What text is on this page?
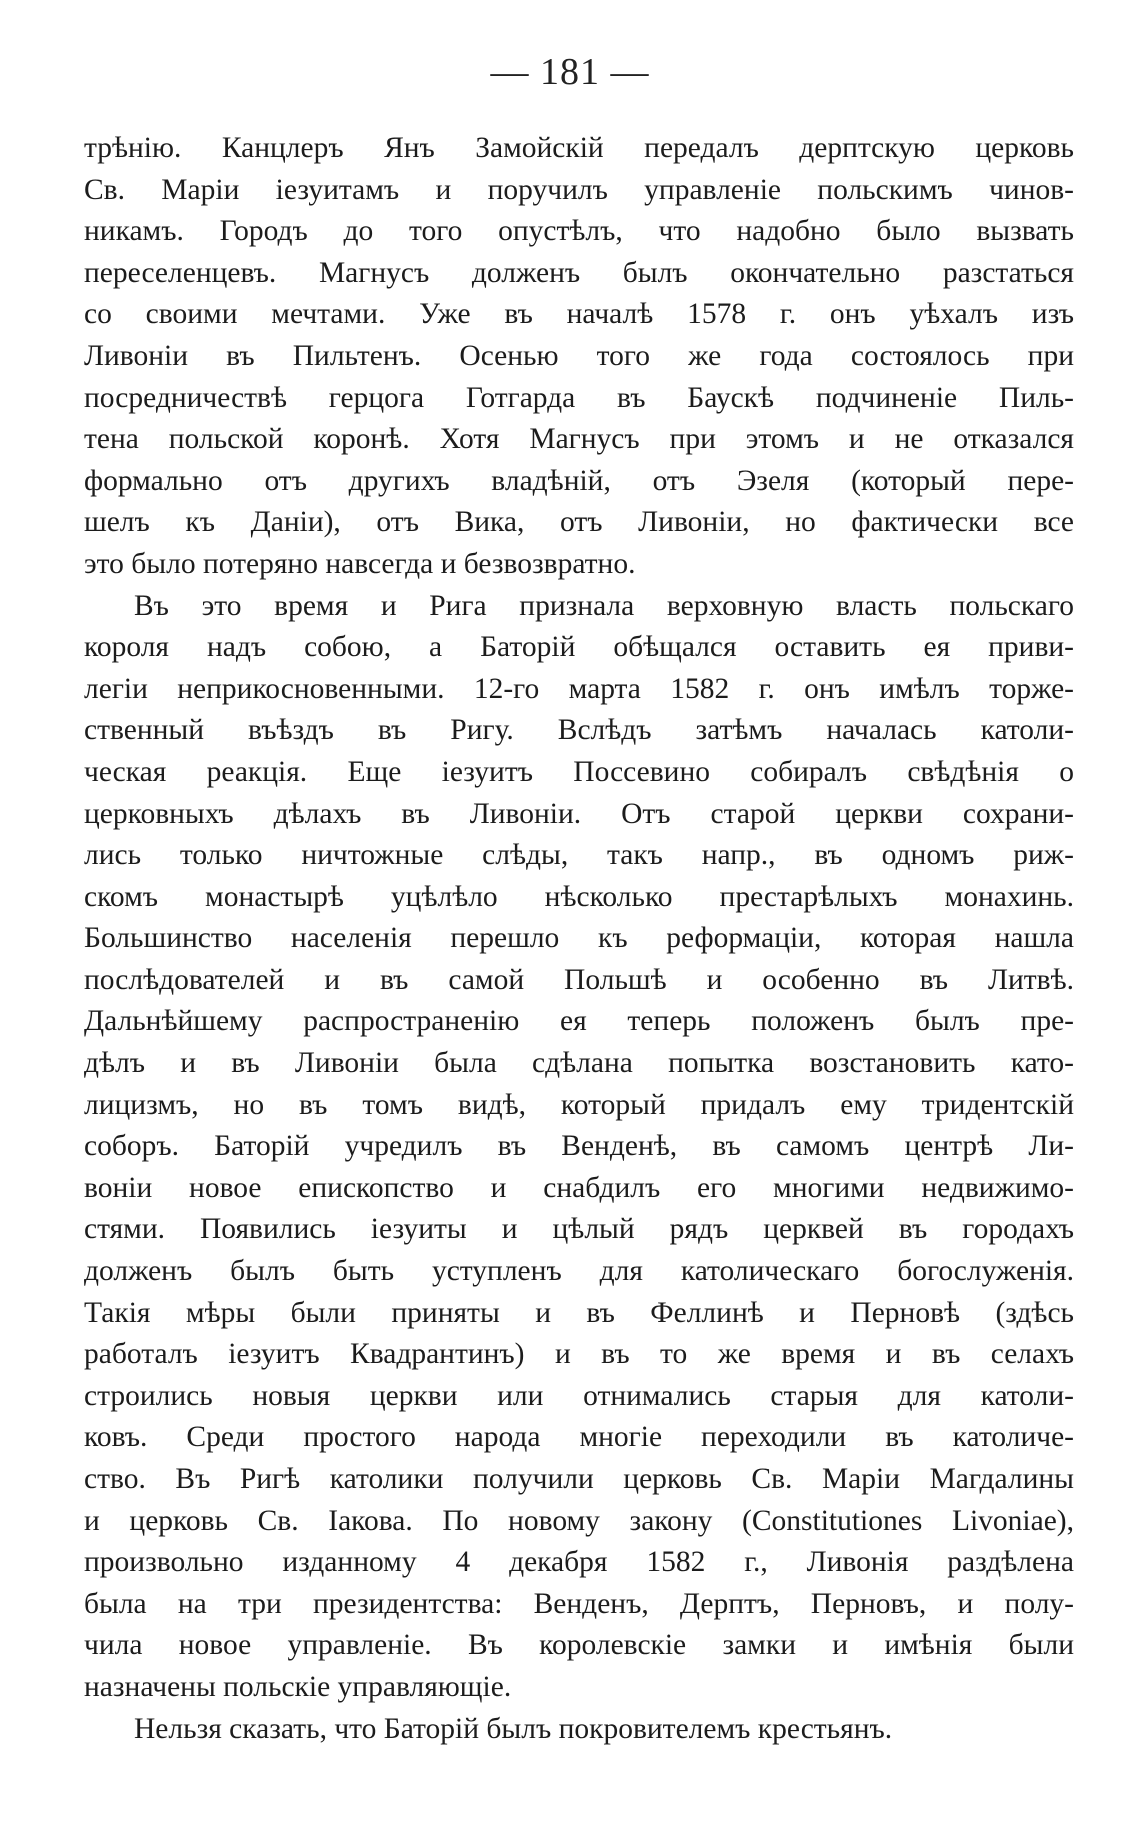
— 181 —
трѣнію. Канцлеръ Янъ Замойскій передалъ дерптскую церковь
Св. Маріи іезуитамъ и поручилъ управленіе польскимъ чинов-
никамъ. Городъ до того опустѣлъ, что надобно было вызвать
переселенцевъ. Магнусъ долженъ былъ окончательно разстаться
со своими мечтами. Уже въ началѣ 1578 г. онъ уѣхалъ изъ
Ливоніи въ Пильтенъ. Осенью того же года состоялось при
посредничествѣ герцога Готгарда въ Баускѣ подчиненіе Пиль-
тена польской коронѣ. Хотя Магнусъ при этомъ и не отказался
формально отъ другихъ владѣній, отъ Эзеля (который пере-
шелъ къ Даніи), отъ Вика, отъ Ливоніи, но фактически все
это было потеряно навсегда и безвозвратно.
Въ это время и Рига признала верховную власть польскаго
короля надъ собою, а Баторій обѣщался оставить ея приви-
легіи неприкосновенными. 12-го марта 1582 г. онъ имѣлъ торже-
ственный въѣздъ въ Ригу. Вслѣдъ затѣмъ началась католи-
ческая реакція. Еще іезуитъ Поссевино собиралъ свѣдѣнія о
церковныхъ дѣлахъ въ Ливоніи. Отъ старой церкви сохрани-
лись только ничтожные слѣды, такъ напр., въ одномъ риж-
скомъ монастырѣ уцѣлѣло нѣсколько престарѣлыхъ монахинь.
Большинство населенія перешло къ реформаціи, которая нашла
послѣдователей и въ самой Польшѣ и особенно въ Литвѣ.
Дальнѣйшему распространенію ея теперь положенъ былъ пре-
дѣлъ и въ Ливоніи была сдѣлана попытка возстановить като-
лицизмъ, но въ томъ видѣ, который придалъ ему тридентскій
соборъ. Баторій учредилъ въ Венденѣ, въ самомъ центрѣ Ли-
воніи новое епископство и снабдилъ его многими недвижимо-
стями. Появились іезуиты и цѣлый рядъ церквей въ городахъ
долженъ былъ быть уступленъ для католическаго богослуженія.
Такія мѣры были приняты и въ Феллинѣ и Перновѣ (здѣсь
работалъ іезуитъ Квадрантинъ) и въ то же время и въ селахъ
строились новыя церкви или отнимались старыя для католи-
ковъ. Среди простого народа многіе переходили въ католиче-
ство. Въ Ригѣ католики получили церковь Св. Маріи Магдалины
и церковь Св. Іакова. По новому закону (Constitutiones Livoniae),
произвольно изданному 4 декабря 1582 г., Ливонія раздѣлена
была на три президентства: Венденъ, Дерптъ, Перновъ, и полу-
чила новое управленіе. Въ королевскіе замки и имѣнія были
назначены польскіе управляющіе.
Нельзя сказать, что Баторій былъ покровителемъ крестьянъ.
